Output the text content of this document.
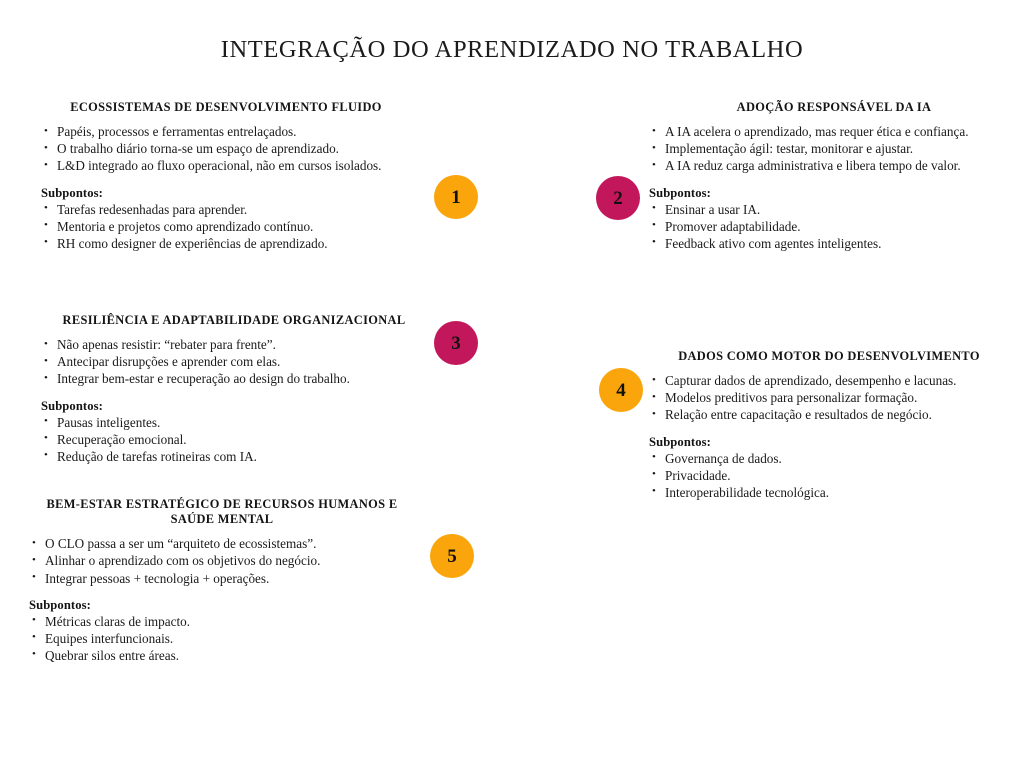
INTEGRAÇÃO DO APRENDIZADO NO TRABALHO
ECOSSISTEMAS DE DESENVOLVIMENTO FLUIDO
• Papéis, processos e ferramentas entrelaçados.
• O trabalho diário torna-se um espaço de aprendizado.
• L&D integrado ao fluxo operacional, não em cursos isolados.
Subpontos:
• Tarefas redesenhadas para aprender.
• Mentoria e projetos como aprendizado contínuo.
• RH como designer de experiências de aprendizado.
ADOÇÃO RESPONSÁVEL DA IA
• A IA acelera o aprendizado, mas requer ética e confiança.
• Implementação ágil: testar, monitorar e ajustar.
• A IA reduz carga administrativa e libera tempo de valor.
Subpontos:
• Ensinar a usar IA.
• Promover adaptabilidade.
• Feedback ativo com agentes inteligentes.
RESILIÊNCIA E ADAPTABILIDADE ORGANIZACIONAL
• Não apenas resistir: “rebater para frente”.
• Antecipar disrupções e aprender com elas.
• Integrar bem-estar e recuperação ao design do trabalho.
Subpontos:
• Pausas inteligentes.
• Recuperação emocional.
• Redução de tarefas rotineiras com IA.
DADOS COMO MOTOR DO DESENVOLVIMENTO
• Capturar dados de aprendizado, desempenho e lacunas.
• Modelos preditivos para personalizar formação.
• Relação entre capacitação e resultados de negócio.
Subpontos:
• Governança de dados.
• Privacidade.
• Interoperabilidade tecnológica.
BEM-ESTAR ESTRATÉGICO DE RECURSOS HUMANOS E SAÚDE MENTAL
• O CLO passa a ser um “arquiteto de ecossistemas”.
• Alinhar o aprendizado com os objetivos do negócio.
• Integrar pessoas + tecnologia + operações.
Subpontos:
• Métricas claras de impacto.
• Equipes interfuncionais.
• Quebrar silos entre áreas.
1	2
3
4
5
